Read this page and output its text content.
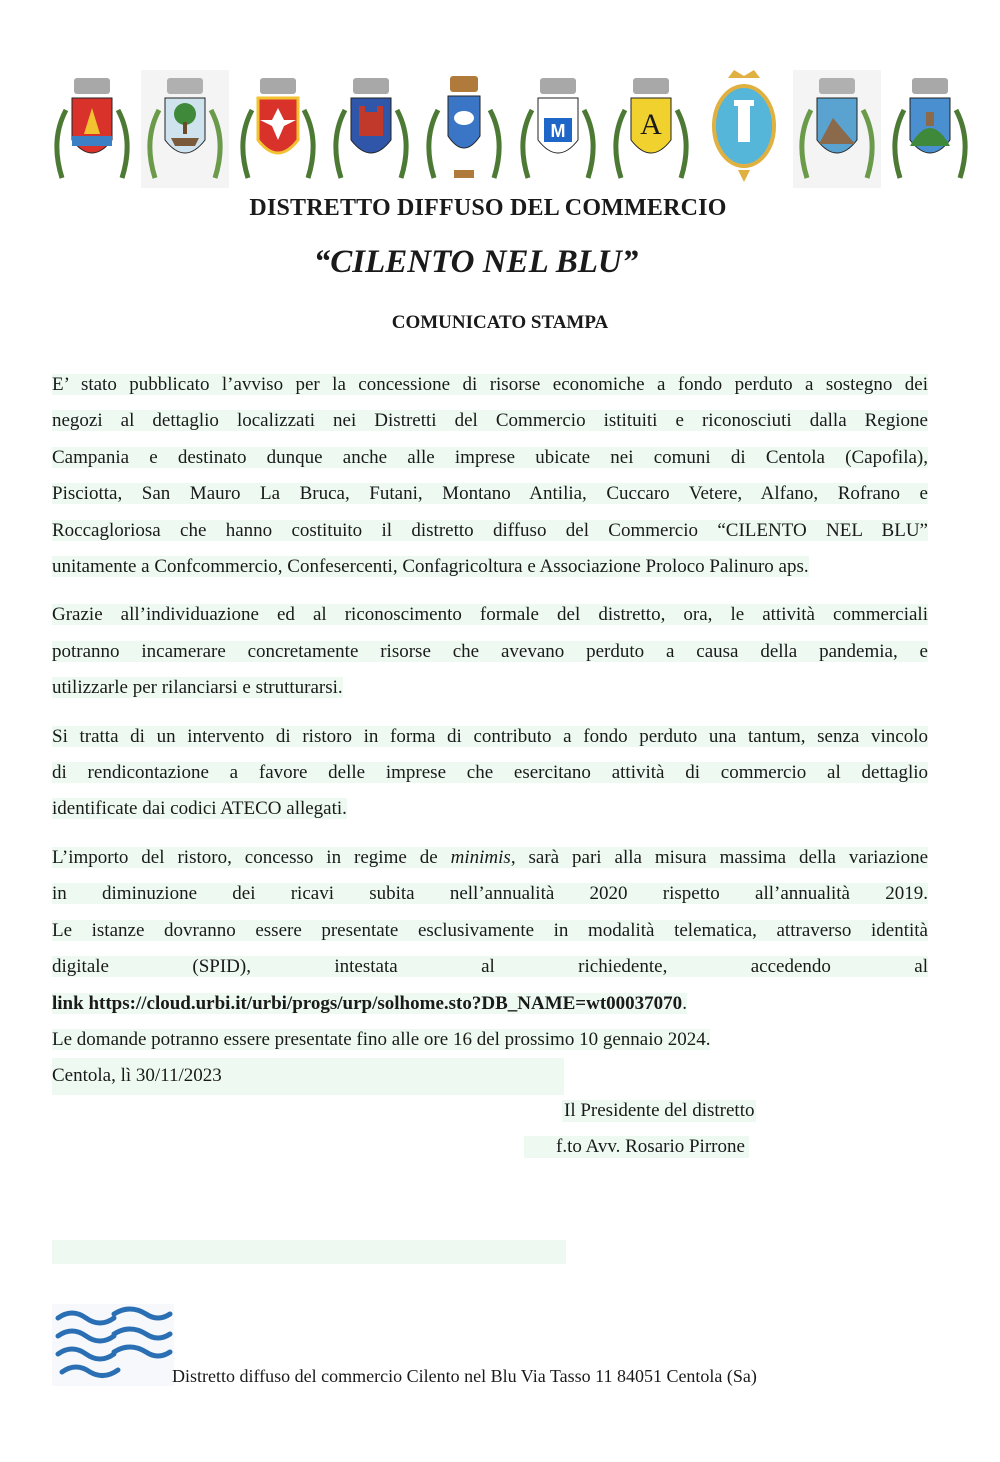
M A
DISTRETTO DIFFUSO DEL COMMERCIO
“CILENTO NEL BLU”
COMUNICATO STAMPA

E’ stato pubblicato l’avviso per la concessione di risorse economiche a fondo perduto a sostegno dei
negozi al dettaglio localizzati nei Distretti del Commercio istituiti e riconosciuti dalla Regione
Campania e destinato dunque anche alle imprese ubicate nei comuni di Centola (Capofila),
Pisciotta, San Mauro La Bruca, Futani, Montano Antilia, Cuccaro Vetere, Alfano, Rofrano e
Roccagloriosa che hanno costituito il distretto diffuso del Commercio “CILENTO NEL BLU”
unitamente a Confcommercio, Confesercenti, Confagricoltura e Associazione Proloco Palinuro aps.

Grazie all’individuazione ed al riconoscimento formale del distretto, ora, le attività commerciali
potranno incamerare concretamente risorse che avevano perduto a causa della pandemia, e
utilizzarle per rilanciarsi e strutturarsi.

Si tratta di un intervento di ristoro in forma di contributo a fondo perduto una tantum, senza vincolo
di rendicontazione a favore delle imprese che esercitano attività di commercio al dettaglio
identificate dai codici ATECO allegati.

L’importo del ristoro, concesso in regime de minimis, sarà pari alla misura massima della variazione
in diminuzione dei ricavi subita nell’annualità 2020 rispetto all’annualità 2019.
Le istanze dovranno essere presentate esclusivamente in modalità telematica, attraverso identità
digitale (SPID), intestata al richiedente, accedendo al
link https://cloud.urbi.it/urbi/progs/urp/solhome.sto?DB_NAME=wt00037070.
Le domande potranno essere presentate fino alle ore 16 del prossimo 10 gennaio 2024.
Centola, lì 30/11/2023

Il Presidente del distretto
f.to Avv. Rosario Pirrone
Distretto diffuso del commercio Cilento nel Blu Via Tasso 11 84051 Centola (Sa)
